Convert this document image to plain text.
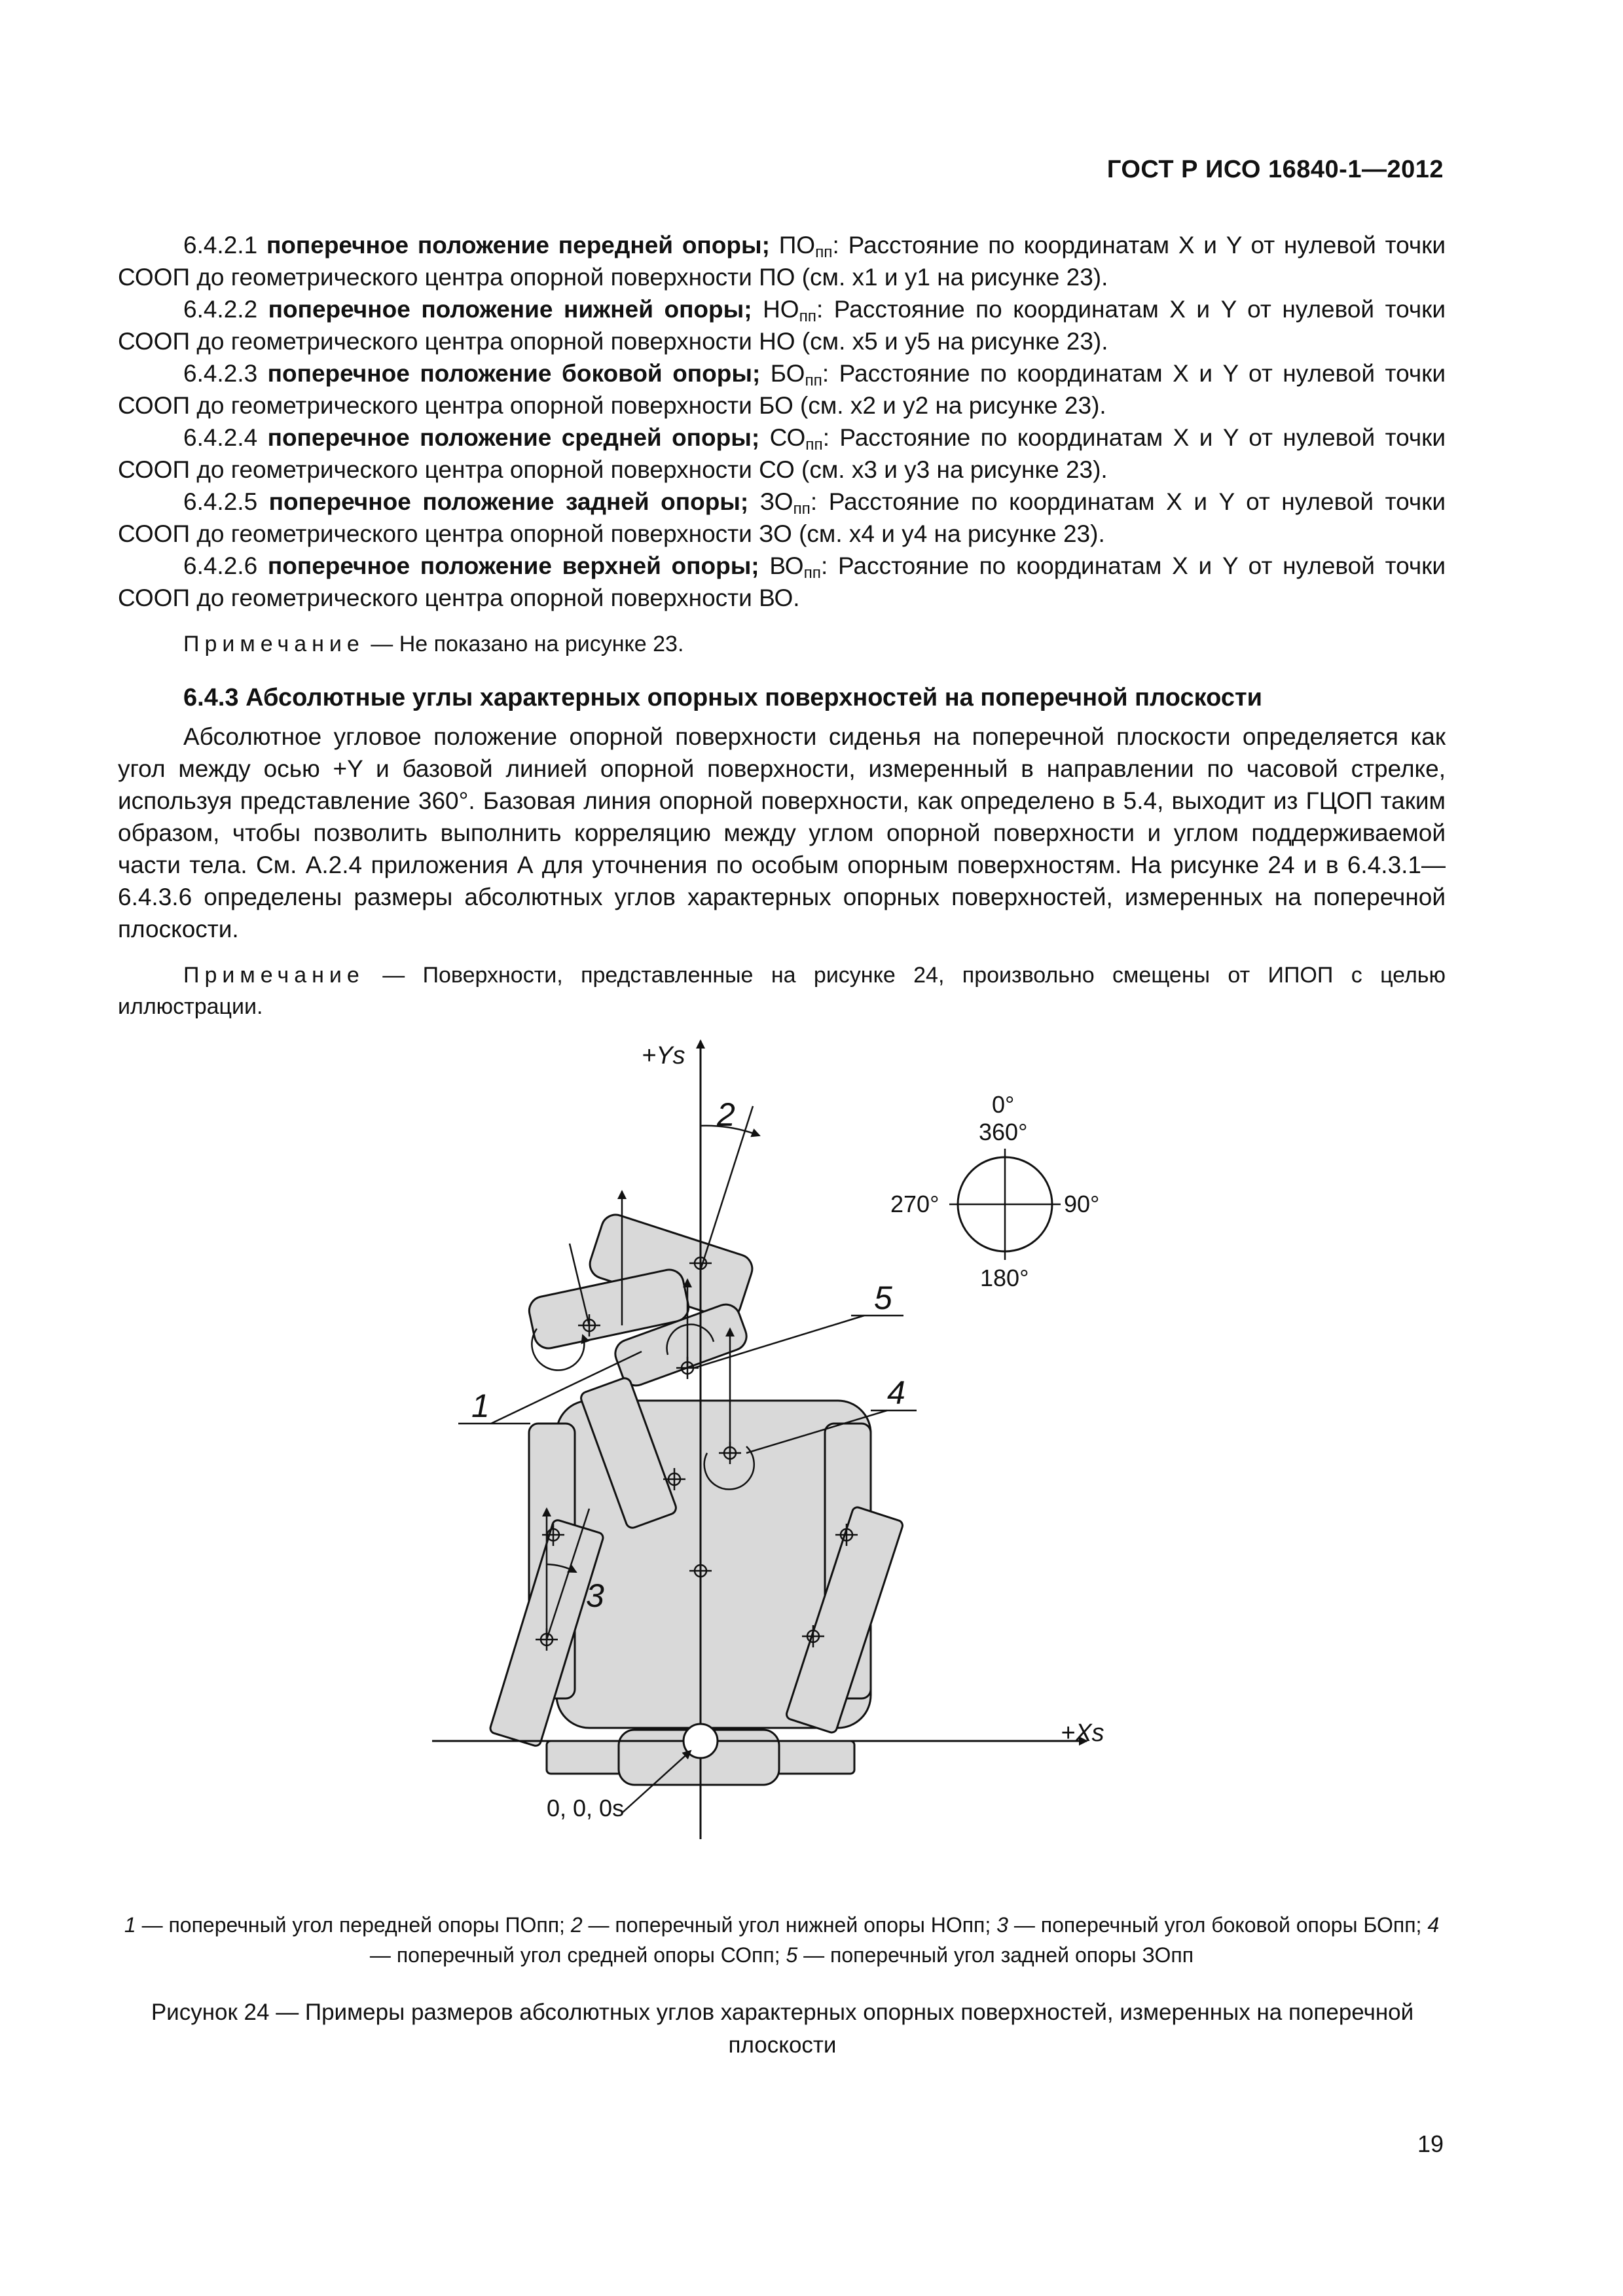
ГОСТ Р ИСО 16840-1—2012

6.4.2.1 поперечное положение передней опоры; $ПО_{пп}$: Расстояние по координатам X и Y от нулевой точки СООП до геометрического центра опорной поверхности ПО (см. x1 и y1 на рисунке 23).

6.4.2.2 поперечное положение нижней опоры; $НО_{пп}$: Расстояние по координатам X и Y от нулевой точки СООП до геометрического центра опорной поверхности НО (см. x5 и y5 на рисунке 23).

6.4.2.3 поперечное положение боковой опоры; $БО_{пп}$: Расстояние по координатам X и Y от нулевой точки СООП до геометрического центра опорной поверхности БО (см. x2 и y2 на рисунке 23).

6.4.2.4 поперечное положение средней опоры; $СО_{пп}$: Расстояние по координатам X и Y от нулевой точки СООП до геометрического центра опорной поверхности СО (см. x3 и y3 на рисунке 23).

6.4.2.5 поперечное положение задней опоры; $ЗО_{пп}$: Расстояние по координатам X и Y от нулевой точки СООП до геометрического центра опорной поверхности ЗО (см. x4 и y4 на рисунке 23).

6.4.2.6 поперечное положение верхней опоры; $ВО_{пп}$: Расстояние по координатам X и Y от нулевой точки СООП до геометрического центра опорной поверхности ВО.

Примечание — Не показано на рисунке 23.

6.4.3 Абсолютные углы характерных опорных поверхностей на поперечной плоскости

Абсолютное угловое положение опорной поверхности сиденья на поперечной плоскости определяется как угол между осью +Y и базовой линией опорной поверхности, измеренный в направлении по часовой стрелке, используя представление 360°. Базовая линия опорной поверхности, как определено в 5.4, выходит из ГЦОП таким образом, чтобы позволить выполнить корреляцию между углом опорной поверхности и углом поддерживаемой части тела. См. А.2.4 приложения А для уточнения по особым опорным поверхностям. На рисунке 24 и в 6.4.3.1—6.4.3.6 определены размеры абсолютных углов характерных опорных поверхностей, измеренных на поперечной плоскости.

Примечание — Поверхности, представленные на рисунке 24, произвольно смещены от ИПОП с целью иллюстрации.

+Ys
+Xs
0, 0, 0s
1
2
3
4
5
0°
360°
90°
180°
270°
1 — поперечный угол передней опоры ПОпп; 2 — поперечный угол нижней опоры НОпп; 3 — поперечный угол боковой опоры БОпп; 4 — поперечный угол средней опоры СОпп; 5 — поперечный угол задней опоры ЗОпп
Рисунок 24 — Примеры размеров абсолютных углов характерных опорных поверхностей, измеренных на поперечной плоскости
19
